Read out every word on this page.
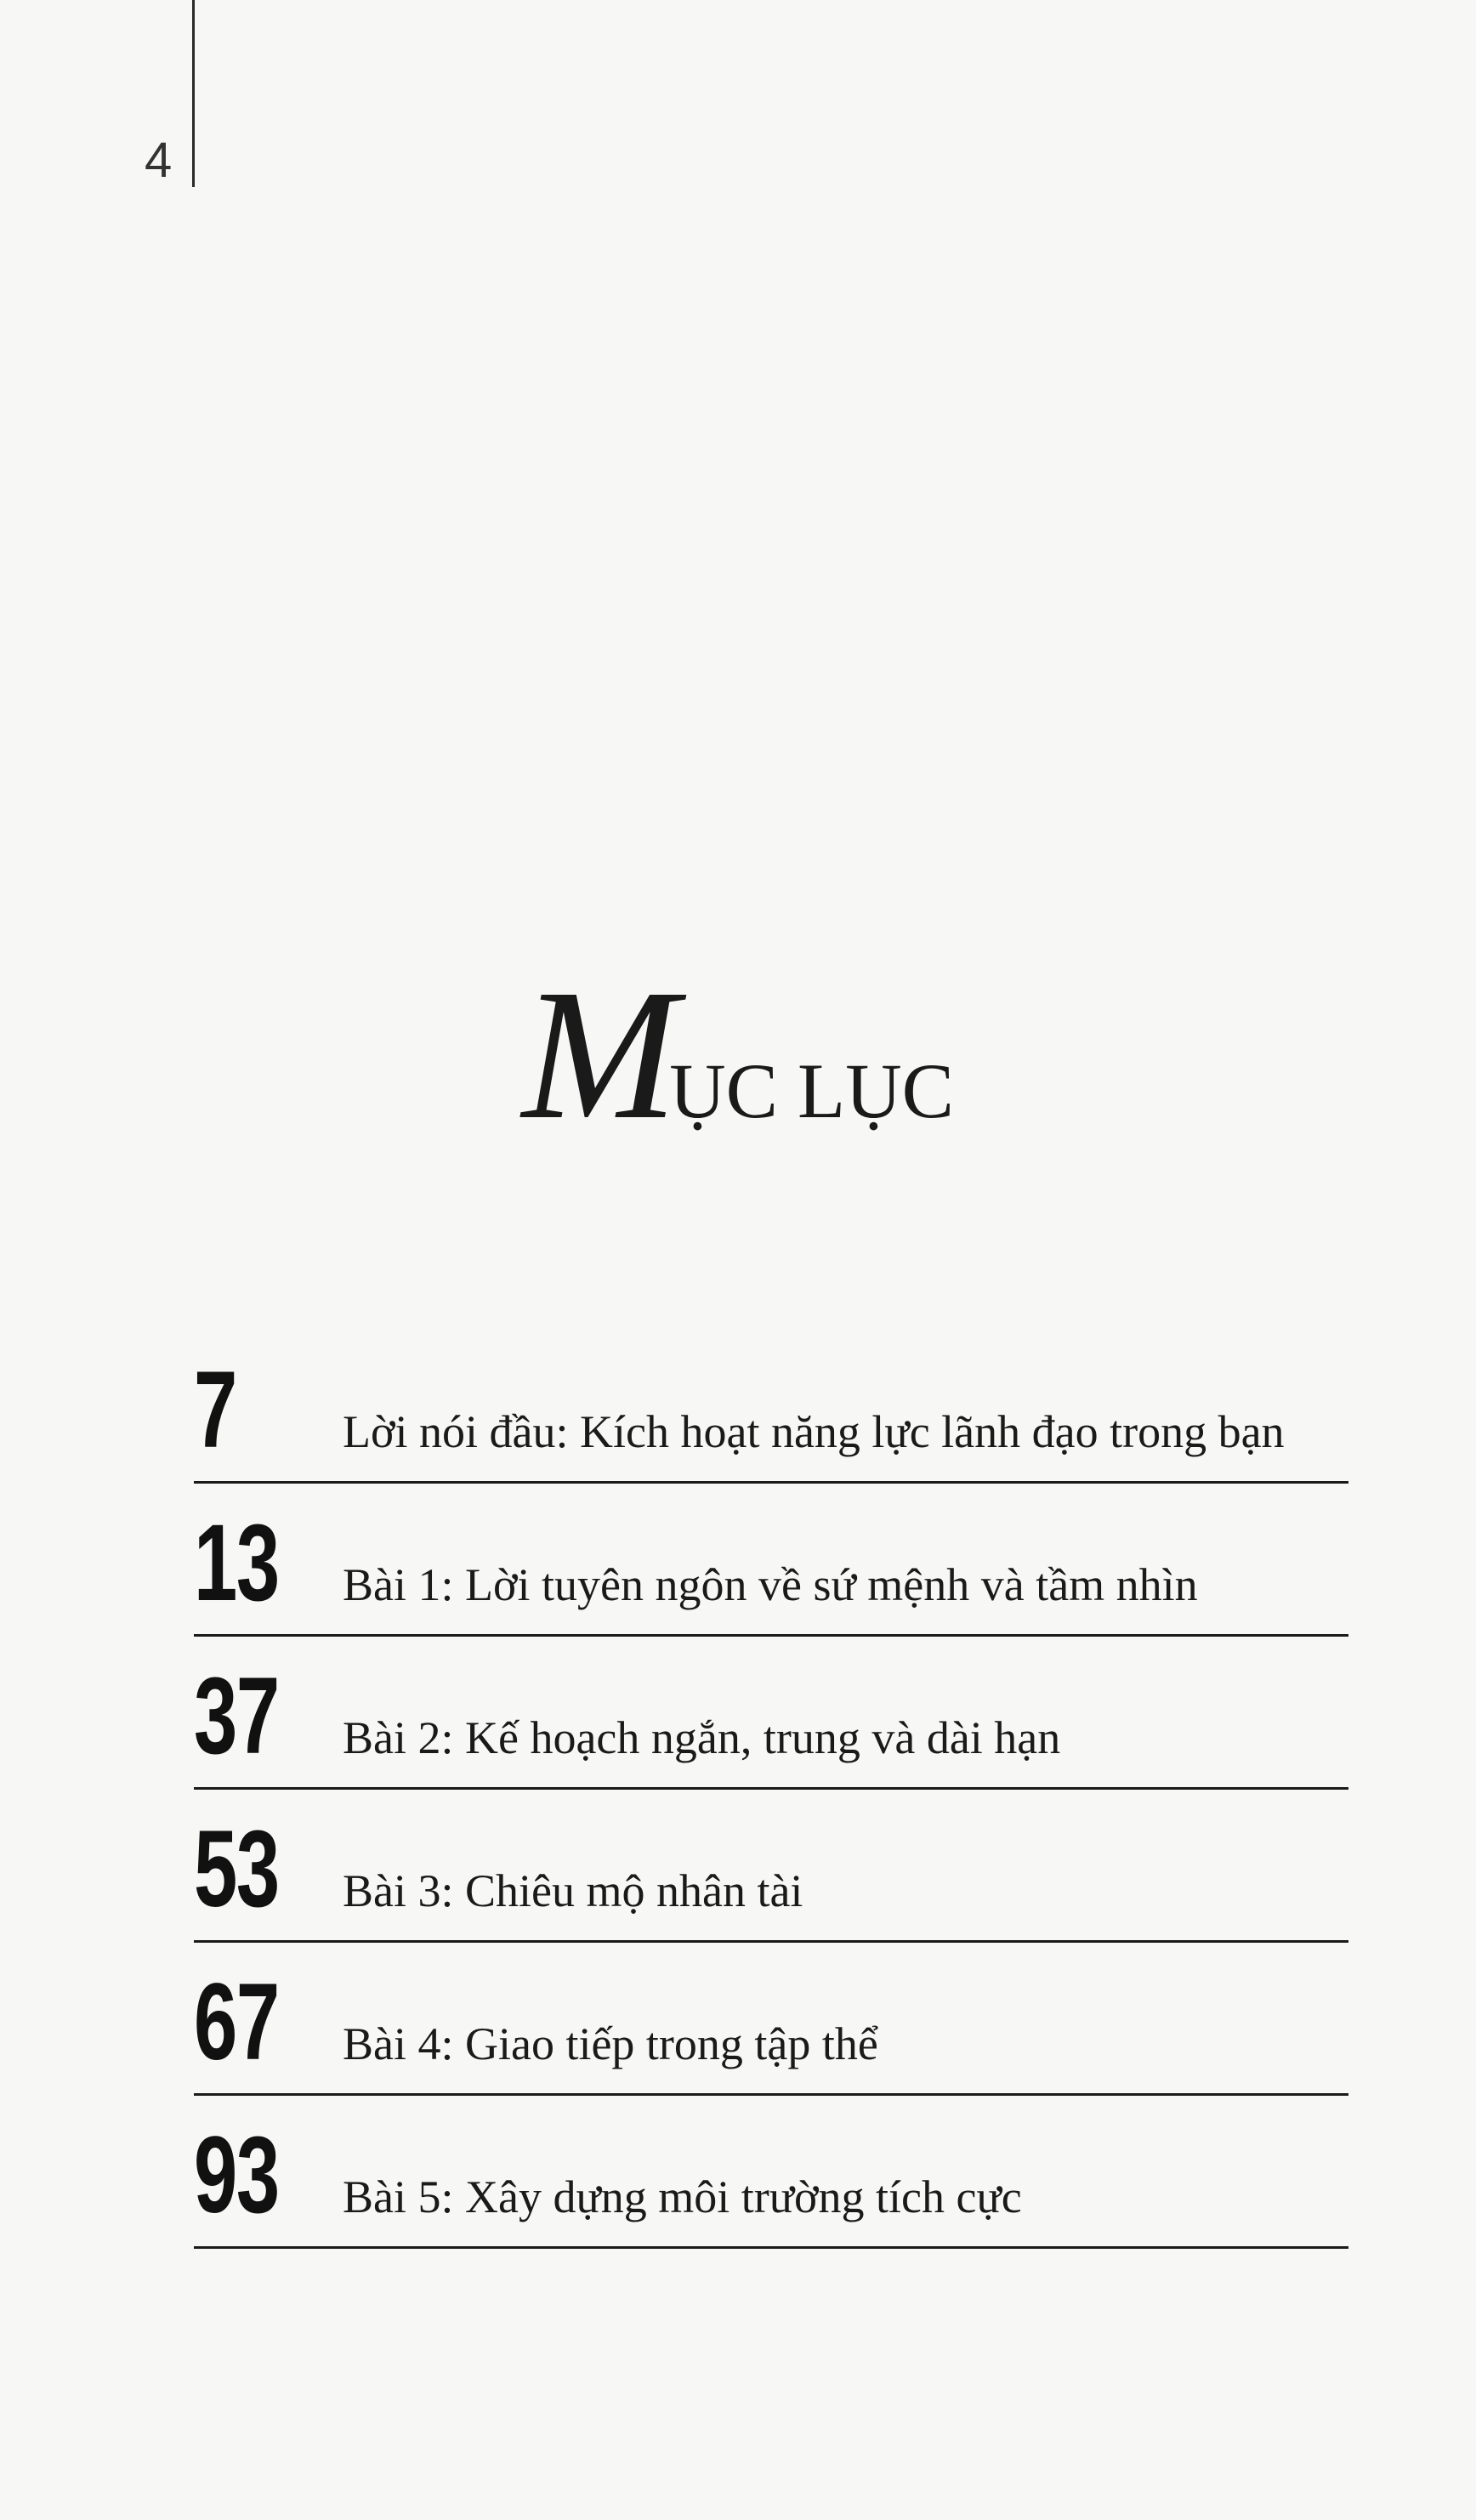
4
MỤC LỤC
7 Lời nói đầu: Kích hoạt năng lực lãnh đạo trong bạn
13 Bài 1: Lời tuyên ngôn về sứ mệnh và tầm nhìn
37 Bài 2: Kế hoạch ngắn, trung và dài hạn
53 Bài 3: Chiêu mộ nhân tài
67 Bài 4: Giao tiếp trong tập thể
93 Bài 5: Xây dựng môi trường tích cực
